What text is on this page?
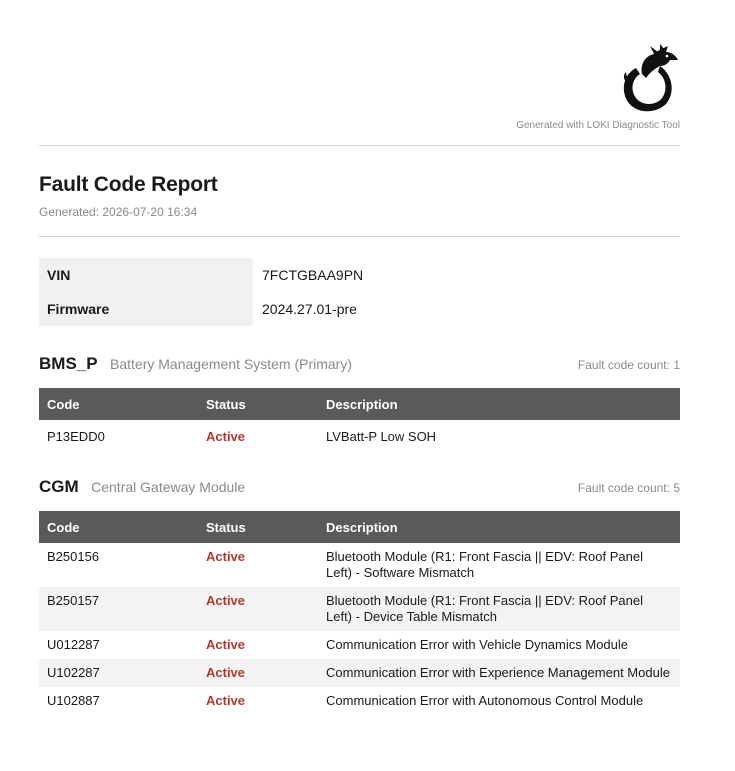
Generated with LOKI Diagnostic Tool
Fault Code Report
Generated: 2026-07-20 16:34
VIN	7FCTGBAA9PN
Firmware	2024.27.01-pre
BMS_P Battery Management System (Primary)	Fault code count: 1
Code	Status	Description
P13EDD0	Active	LVBatt-P Low SOH
CGM Central Gateway Module	Fault code count: 5
Code	Status	Description
B250156	Active	Bluetooth Module (R1: Front Fascia || EDV: Roof Panel Left) - Software Mismatch
B250157	Active	Bluetooth Module (R1: Front Fascia || EDV: Roof Panel Left) - Device Table Mismatch
U012287	Active	Communication Error with Vehicle Dynamics Module
U102287	Active	Communication Error with Experience Management Module
U102887	Active	Communication Error with Autonomous Control Module
